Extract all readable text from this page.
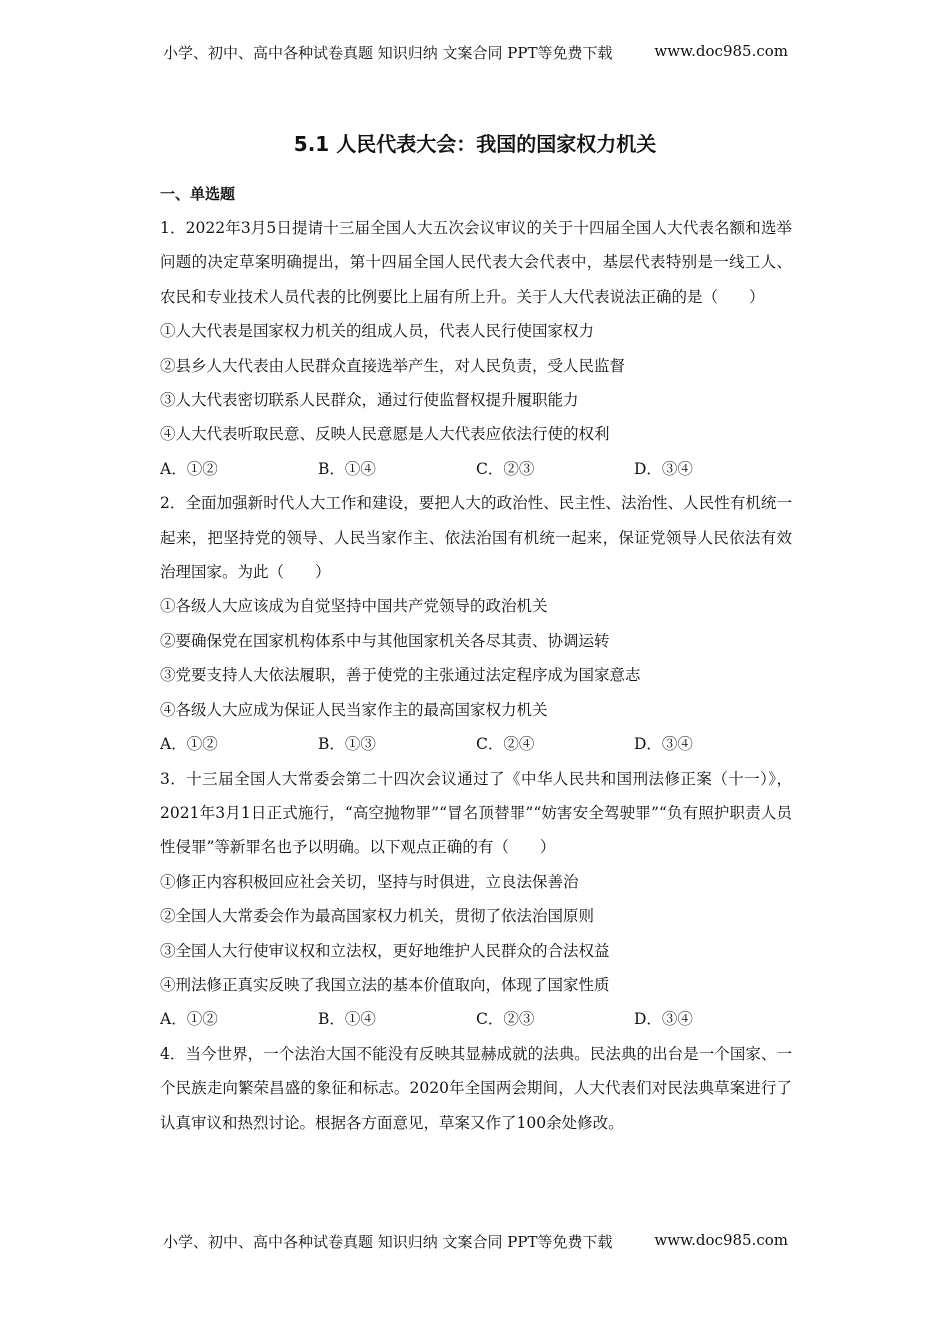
小学、初中、高中各种试卷真题 知识归纳 文案合同 PPT等免费下载	www.doc985.com
5.1 人民代表大会：我国的国家权力机关
一、单选题

1．2022年3月5日提请十三届全国人大五次会议审议的关于十四届全国人大代表名额和选举问题的决定草案明确提出，第十四届全国人民代表大会代表中，基层代表特别是一线工人、农民和专业技术人员代表的比例要比上届有所上升。关于人大代表说法正确的是（　　）

①人大代表是国家权力机关的组成人员，代表人民行使国家权力
②县乡人大代表由人民群众直接选举产生，对人民负责，受人民监督
③人大代表密切联系人民群众，通过行使监督权提升履职能力
④人大代表听取民意、反映人民意愿是人大代表应依法行使的权利
A．①②	B．①④	C．②③	D．③④

2．全面加强新时代人大工作和建设，要把人大的政治性、民主性、法治性、人民性有机统一起来，把坚持党的领导、人民当家作主、依法治国有机统一起来，保证党领导人民依法有效治理国家。为此（　　）

①各级人大应该成为自觉坚持中国共产党领导的政治机关
②要确保党在国家机构体系中与其他国家机关各尽其责、协调运转
③党要支持人大依法履职，善于使党的主张通过法定程序成为国家意志
④各级人大应成为保证人民当家作主的最高国家权力机关
A．①②	B．①③	C．②④	D．③④

3．十三届全国人大常委会第二十四次会议通过了《中华人民共和国刑法修正案（十一）》，2021年3月1日正式施行，“高空抛物罪”“冒名顶替罪”“妨害安全驾驶罪”“负有照护职责人员性侵罪”等新罪名也予以明确。以下观点正确的有（　　）

①修正内容积极回应社会关切，坚持与时俱进，立良法保善治
②全国人大常委会作为最高国家权力机关，贯彻了依法治国原则
③全国人大行使审议权和立法权，更好地维护人民群众的合法权益
④刑法修正真实反映了我国立法的基本价值取向，体现了国家性质
A．①②	B．①④	C．②③	D．③④

4．当今世界，一个法治大国不能没有反映其显赫成就的法典。民法典的出台是一个国家、一个民族走向繁荣昌盛的象征和标志。2020年全国两会期间，人大代表们对民法典草案进行了认真审议和热烈讨论。根据各方面意见，草案又作了100余处修改。

小学、初中、高中各种试卷真题 知识归纳 文案合同 PPT等免费下载	www.doc985.com
